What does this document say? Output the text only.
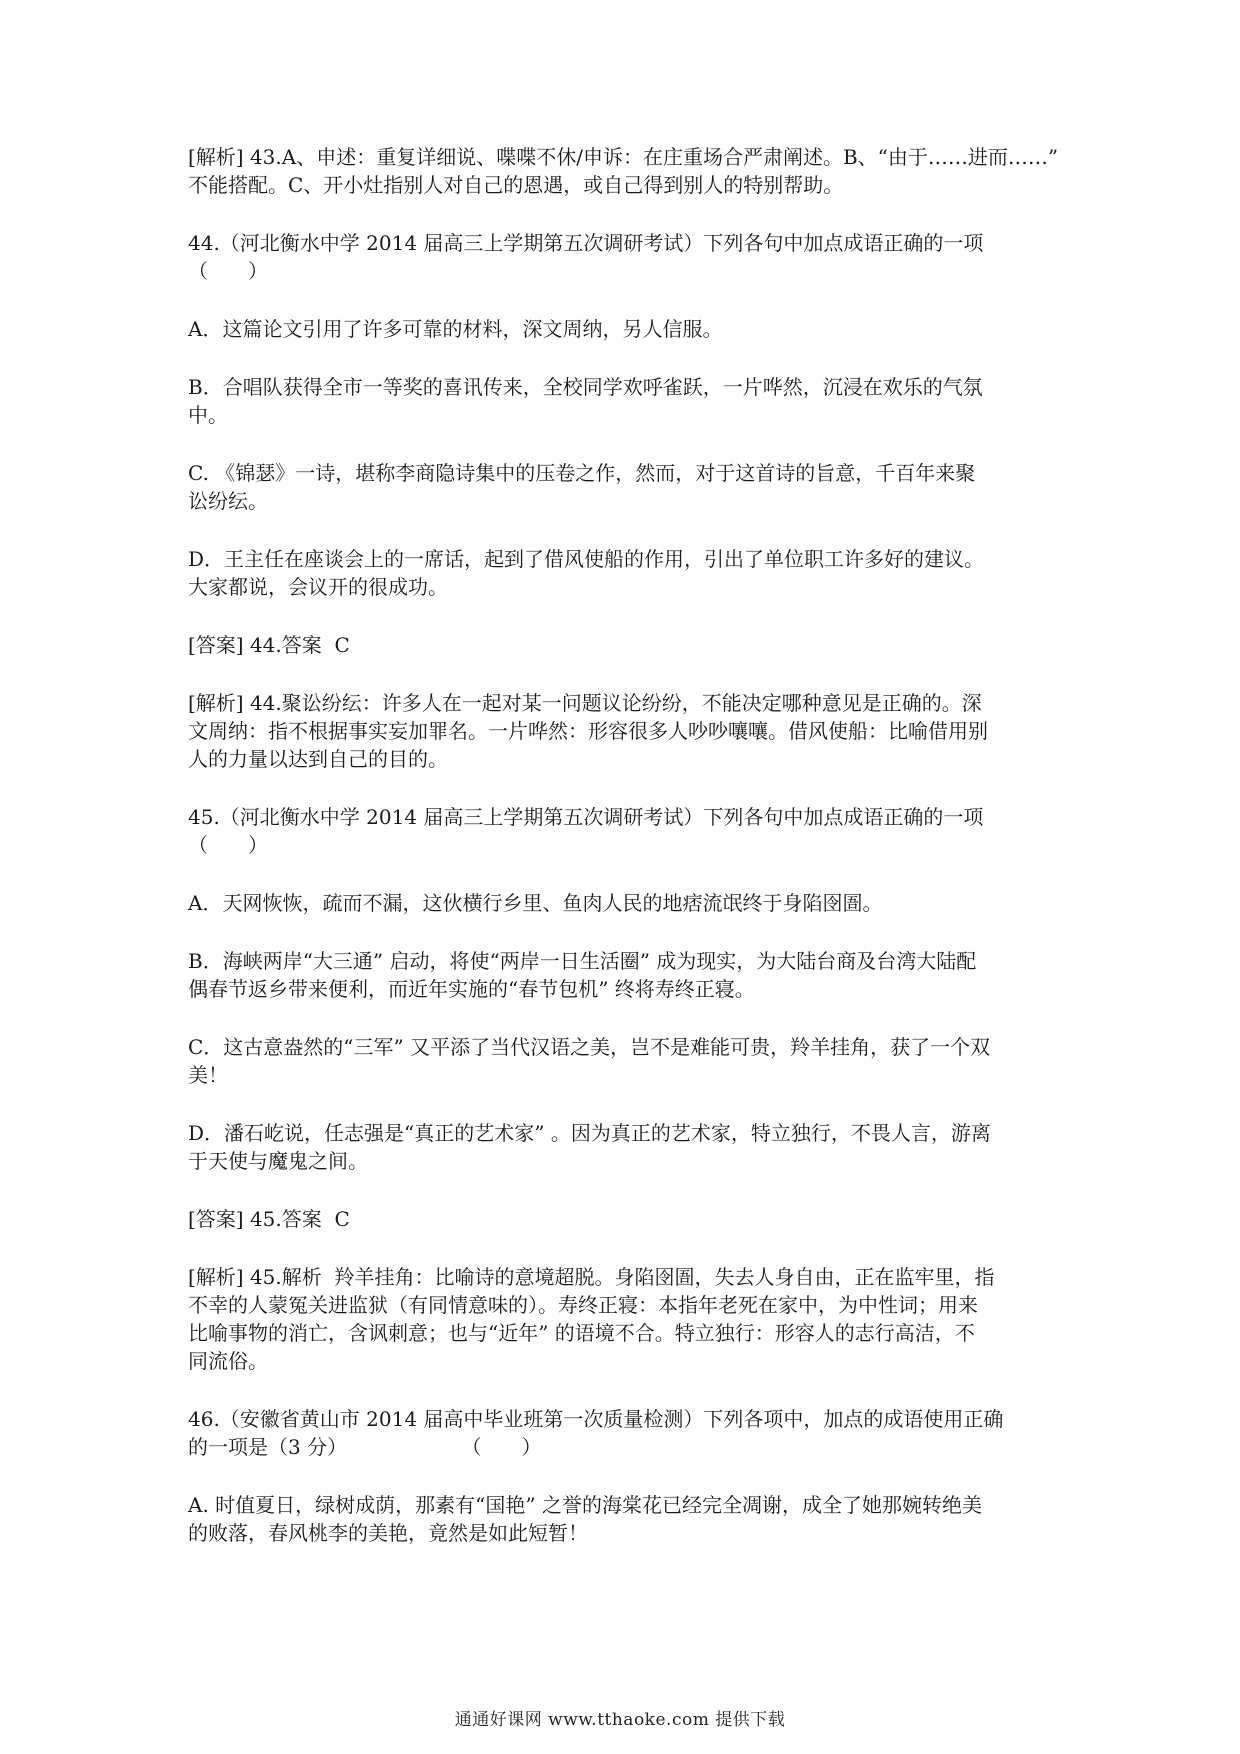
[解析] 43.A、申述：重复详细说、喋喋不休/申诉：在庄重场合严肃阐述。B、“由于……进而……”
不能搭配。C、开小灶指别人对自己的恩遇，或自己得到别人的特别帮助。
44.（河北衡水中学 2014 届高三上学期第五次调研考试）下列各句中加点成语正确的一项
（　　）
A．这篇论文引用了许多可靠的材料，深文周纳，另人信服。
B．合唱队获得全市一等奖的喜讯传来，全校同学欢呼雀跃，一片哗然，沉浸在欢乐的气氛
中。
C. 《锦瑟》一诗，堪称李商隐诗集中的压卷之作，然而，对于这首诗的旨意，千百年来聚
讼纷纭。
D．王主任在座谈会上的一席话，起到了借风使船的作用，引出了单位职工许多好的建议。
大家都说，会议开的很成功。
[答案] 44.答案  C
[解析] 44.聚讼纷纭：许多人在一起对某一问题议论纷纷，不能决定哪种意见是正确的。深
文周纳：指不根据事实妄加罪名。一片哗然：形容很多人吵吵嚷嚷。借风使船：比喻借用别
人的力量以达到自己的目的。
45.（河北衡水中学 2014 届高三上学期第五次调研考试）下列各句中加点成语正确的一项
（　　）
A．天网恢恢，疏而不漏，这伙横行乡里、鱼肉人民的地痞流氓终于身陷囹圄。
B．海峡两岸“大三通” 启动，将使“两岸一日生活圈” 成为现实，为大陆台商及台湾大陆配
偶春节返乡带来便利，而近年实施的“春节包机” 终将寿终正寝。
C．这古意盎然的“三军” 又平添了当代汉语之美，岂不是难能可贵，羚羊挂角，获了一个双
美！
D．潘石屹说，任志强是“真正的艺术家” 。因为真正的艺术家，特立独行，不畏人言，游离
于天使与魔鬼之间。
[答案] 45.答案  C
[解析] 45.解析  羚羊挂角：比喻诗的意境超脱。身陷囹圄，失去人身自由，正在监牢里，指
不幸的人蒙冤关进监狱（有同情意味的）。寿终正寝：本指年老死在家中，为中性词；用来
比喻事物的消亡，含讽刺意；也与“近年” 的语境不合。特立独行：形容人的志行高洁，不
同流俗。
46.（安徽省黄山市 2014 届高中毕业班第一次质量检测）下列各项中，加点的成语使用正确
的一项是（3 分）                  （　　）
A. 时值夏日，绿树成荫，那素有“国艳” 之誉的海棠花已经完全凋谢，成全了她那婉转绝美
的败落，春风桃李的美艳，竟然是如此短暂！
通通好课网 www.tthaoke.com 提供下载
